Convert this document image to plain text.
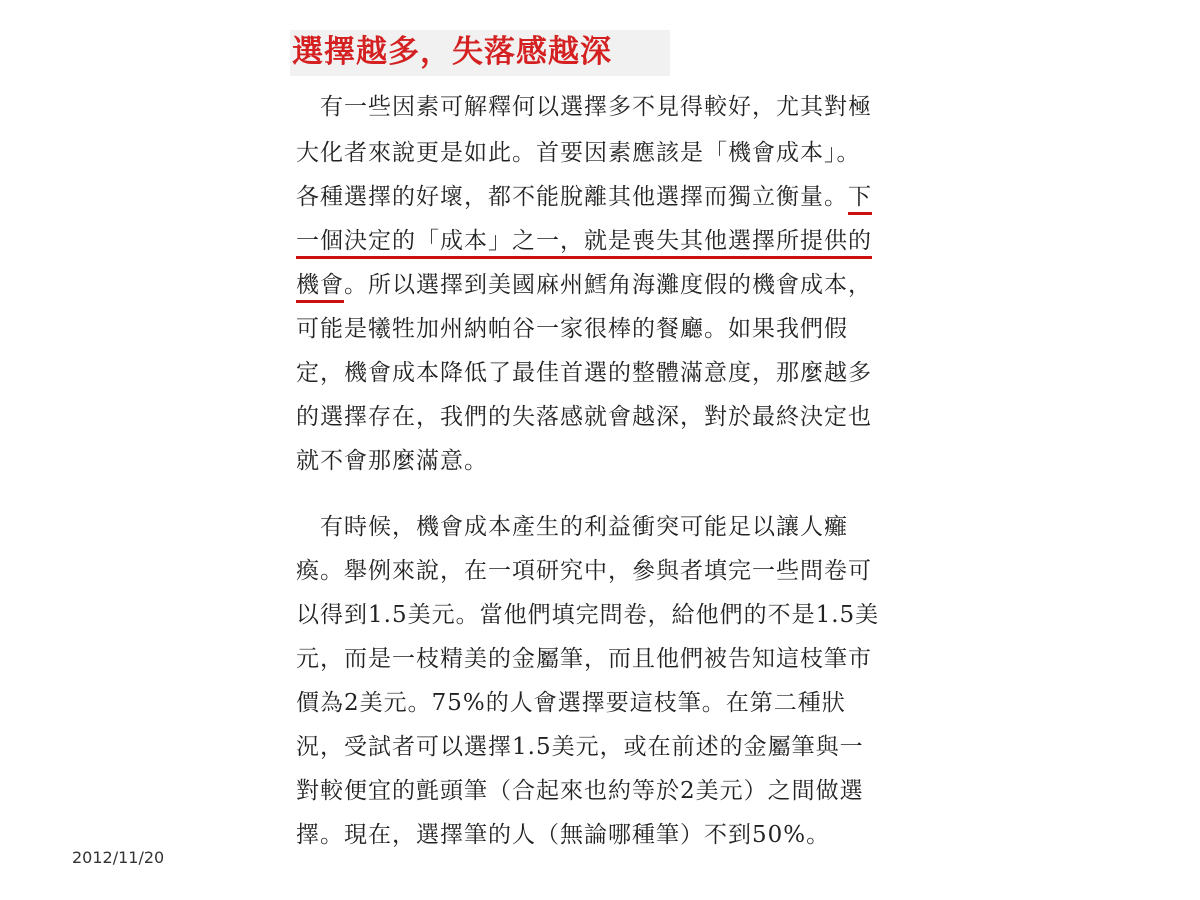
選擇越多，失落感越深
　有一些因素可解釋何以選擇多不見得較好，尤其對極
大化者來說更是如此。首要因素應該是「機會成本」。
各種選擇的好壞，都不能脫離其他選擇而獨立衡量。下
一個決定的「成本」之一，就是喪失其他選擇所提供的
機會。所以選擇到美國麻州鱈角海灘度假的機會成本，
可能是犧牲加州納帕谷一家很棒的餐廳。如果我們假
定，機會成本降低了最佳首選的整體滿意度，那麼越多
的選擇存在，我們的失落感就會越深，對於最終決定也
就不會那麼滿意。
　有時候，機會成本產生的利益衝突可能足以讓人癱
瘓。舉例來說，在一項研究中，參與者填完一些問卷可
以得到1.5美元。當他們填完問卷，給他們的不是1.5美
元，而是一枝精美的金屬筆，而且他們被告知這枝筆市
價為2美元。75%的人會選擇要這枝筆。在第二種狀
況，受試者可以選擇1.5美元，或在前述的金屬筆與一
對較便宜的氈頭筆（合起來也約等於2美元）之間做選
擇。現在，選擇筆的人（無論哪種筆）不到50%。
2012/11/20
